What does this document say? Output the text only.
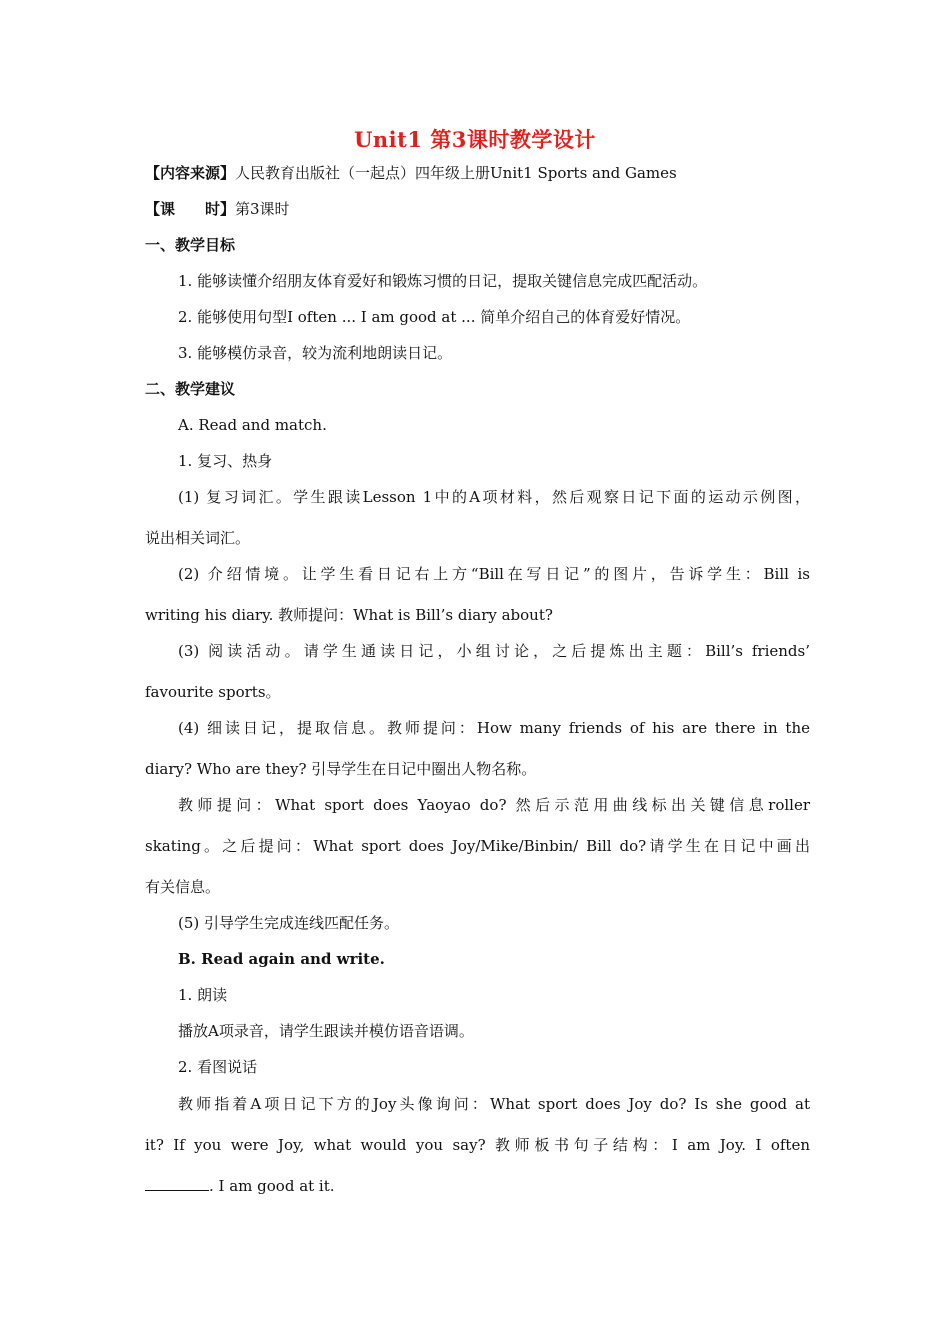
Unit1 第3课时教学设计
【内容来源】人民教育出版社（一起点）四年级上册Unit1 Sports and Games
【课　　时】第3课时
一、教学目标
1. 能够读懂介绍朋友体育爱好和锻炼习惯的日记，提取关键信息完成匹配活动。
2. 能够使用句型I often ... I am good at ... 简单介绍自己的体育爱好情况。
3. 能够模仿录音，较为流利地朗读日记。
二、教学建议
A. Read and match.
1. 复习、热身
(1) 复习词汇。学生跟读Lesson 1中的A项材料，然后观察日记下面的运动示例图，
说出相关词汇。
(2) 介绍情境。让学生看日记右上方“Bill在写日记”的图片，告诉学生：Bill is
writing his diary. 教师提问：What is Bill’s diary about?
(3) 阅读活动。请学生通读日记，小组讨论，之后提炼出主题：Bill’s friends’
favourite sports。
(4) 细读日记，提取信息。教师提问：How many friends of his are there in the
diary? Who are they? 引导学生在日记中圈出人物名称。
教师提问：What sport does Yaoyao do? 然后示范用曲线标出关键信息roller
skating。之后提问：What sport does Joy/Mike/Binbin/ Bill do?请学生在日记中画出
有关信息。
(5) 引导学生完成连线匹配任务。
B. Read again and write.
1. 朗读
播放A项录音，请学生跟读并模仿语音语调。
2. 看图说话
教师指着A项日记下方的Joy头像询问：What sport does Joy do? Is she good at
it? If you were Joy, what would you say? 教师板书句子结构：I am Joy. I often
. I am good at it.
